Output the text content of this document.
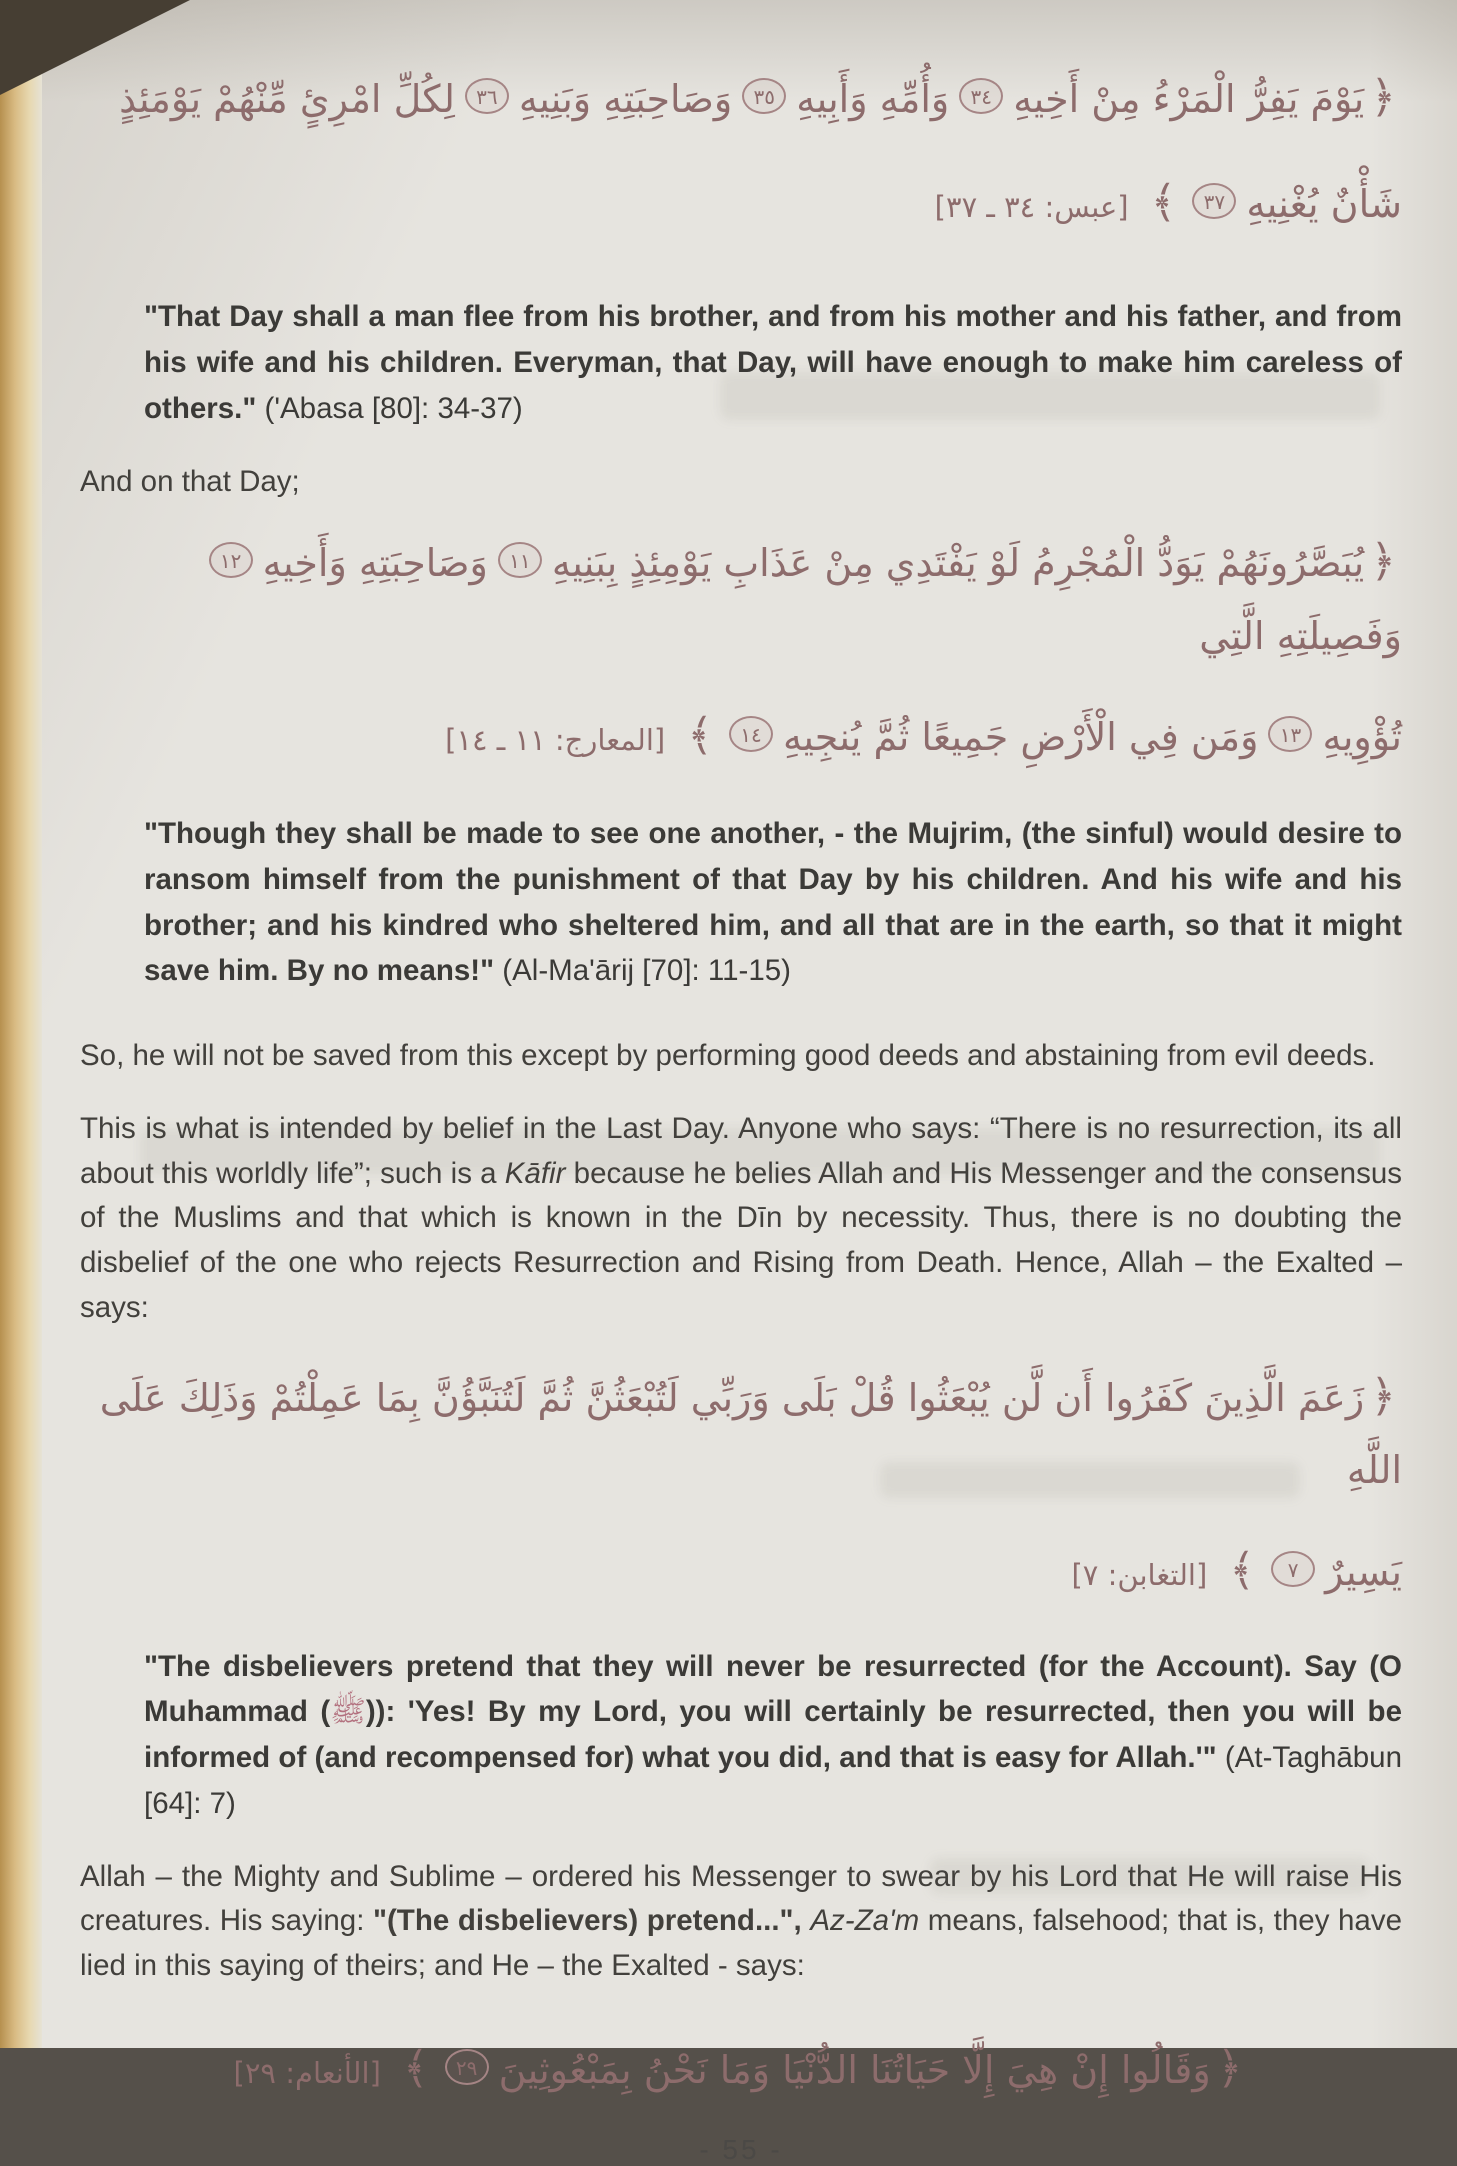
﴿يَوْمَ يَفِرُّ الْمَرْءُ مِنْ أَخِيهِ٣٤وَأُمِّهِ وَأَبِيهِ٣٥وَصَاحِبَتِهِ وَبَنِيهِ٣٦لِكُلِّ امْرِئٍ مِّنْهُمْ يَوْمَئِذٍ
شَأْنٌ يُغْنِيهِ٣٧﴾[عبس: ٣٤ ـ ٣٧]
"That Day shall a man flee from his brother, and from his mother and his father, and from his wife and his children. Everyman, that Day, will have enough to make him careless of others." ('Abasa [80]: 34-37)
And on that Day;
﴿يُبَصَّرُونَهُمْ يَوَدُّ الْمُجْرِمُ لَوْ يَفْتَدِي مِنْ عَذَابِ يَوْمِئِذٍ بِبَنِيهِ١١وَصَاحِبَتِهِ وَأَخِيهِ١٢وَفَصِيلَتِهِ الَّتِي
تُؤْوِيهِ١٣وَمَن فِي الْأَرْضِ جَمِيعًا ثُمَّ يُنجِيهِ١٤﴾[المعارج: ١١ ـ ١٤]
"Though they shall be made to see one another, - the Mujrim, (the sinful) would desire to ransom himself from the punishment of that Day by his children. And his wife and his brother; and his kindred who sheltered him, and all that are in the earth, so that it might save him. By no means!" (Al-Ma'ārij [70]: 11-15)
So, he will not be saved from this except by performing good deeds and abstaining from evil deeds.
This is what is intended by belief in the Last Day. Anyone who says: “There is no resurrection, its all about this worldly life”; such is a Kāfir because he belies Allah and His Messenger and the consensus of the Muslims and that which is known in the Dīn by necessity. Thus, there is no doubting the disbelief of the one who rejects Resurrection and Rising from Death. Hence, Allah – the Exalted – says:
﴿زَعَمَ الَّذِينَ كَفَرُوا أَن لَّن يُبْعَثُوا قُلْ بَلَى وَرَبِّي لَتُبْعَثُنَّ ثُمَّ لَتُنَبَّؤُنَّ بِمَا عَمِلْتُمْ وَذَلِكَ عَلَى اللَّهِ
يَسِيرٌ٧﴾[التغابن: ٧]
"The disbelievers pretend that they will never be resurrected (for the Account). Say (O Muhammad (ﷺ)): 'Yes! By my Lord, you will certainly be resurrected, then you will be informed of (and recompensed for) what you did, and that is easy for Allah.'" (At-Taghābun [64]: 7)
Allah – the Mighty and Sublime – ordered his Messenger to swear by his Lord that He will raise His creatures. His saying: "(The disbelievers) pretend...", Az-Za'm means, falsehood; that is, they have lied in this saying of theirs; and He – the Exalted - says:
﴿وَقَالُوا إِنْ هِيَ إِلَّا حَيَاتُنَا الدُّنْيَا وَمَا نَحْنُ بِمَبْعُوثِينَ٢٩﴾[الأنعام: ٢٩]
- 55 -
